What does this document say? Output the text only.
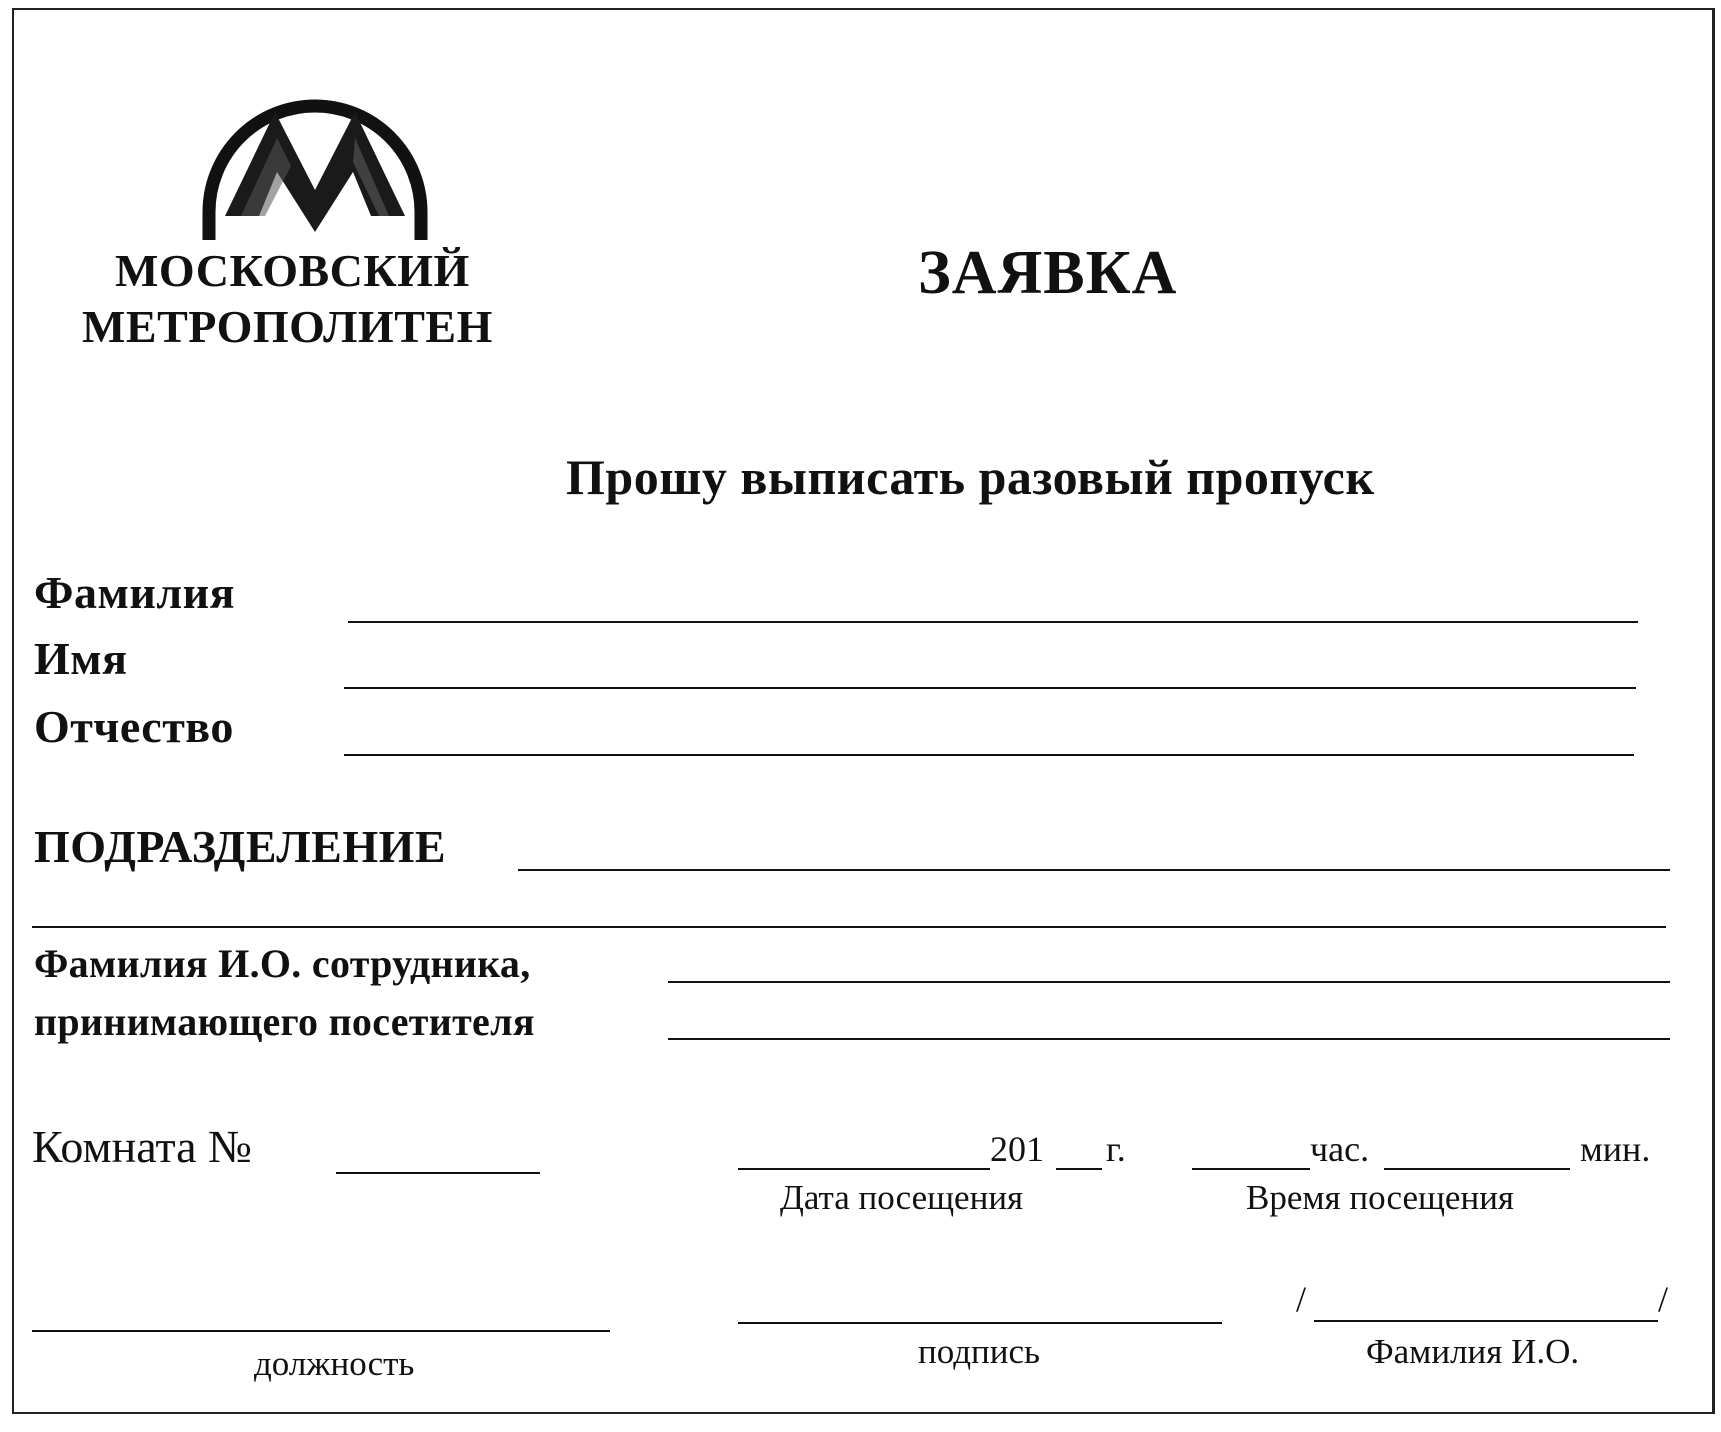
МОСКОВСКИЙ
МЕТРОПОЛИТЕН
ЗАЯВКА
Прошу выписать разовый пропуск
Фамилия
Имя
Отчество
ПОДРАЗДЕЛЕНИЕ
Фамилия И.О. сотрудника,
принимающего посетителя
Комната №	201 г.	час.	мин.
Дата посещения	Время посещения
должность	подпись
/	/
Фамилия И.О.
